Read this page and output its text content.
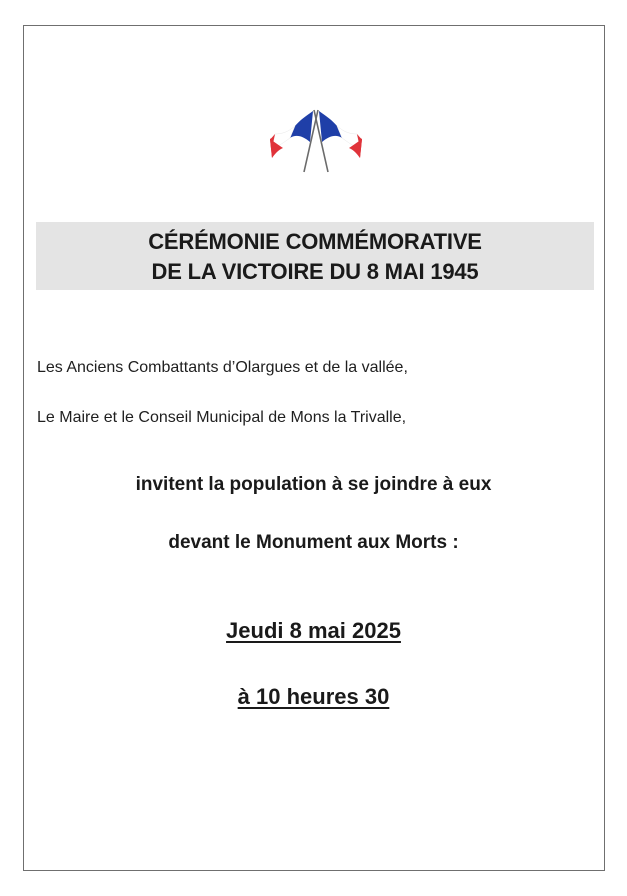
CÉRÉMONIE COMMÉMORATIVE
DE LA VICTOIRE DU 8 MAI 1945
Les Anciens Combattants d’Olargues et de la vallée,
Le Maire et le Conseil Municipal de Mons la Trivalle,
invitent la population à se joindre à eux
devant le Monument aux Morts :
Jeudi 8 mai 2025
à 10 heures 30
